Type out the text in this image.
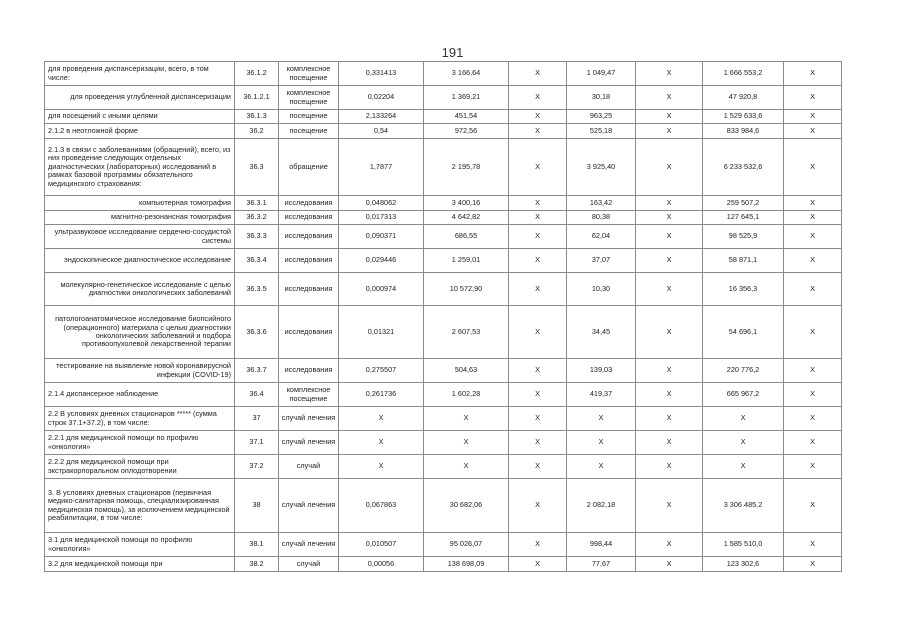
191
для проведения диспансеризации, всего, в том числе:	36.1.2	комплексное посещение	0,331413	3 166,64	X	1 049,47	X	1 666 553,2	X
для проведения углубленной диспансеризации	36.1.2.1	комплексное посещение	0,02204	1 369,21	X	30,18	X	47 920,8	X
для посещений с иными целями	36.1.3	посещение	2,133264	451,54	X	963,25	X	1 529 633,6	X
2.1.2 в неотложной форме	36.2	посещение	0,54	972,56	X	525,18	X	833 984,6	X
2.1.3 в связи с заболеваниями (обращений), всего, из них проведение следующих отдельных диагностических (лабораторных) исследований в рамках базовой программы обязательного медицинского страхования:	36.3	обращение	1,7877	2 195,78	X	3 925,40	X	6 233 532,6	X
компьютерная томография	36.3.1	исследования	0,048062	3 400,16	X	163,42	X	259 507,2	X
магнитно-резонансная томография	36.3.2	исследования	0,017313	4 642,82	X	80,38	X	127 645,1	X
ультразвуковое исследование сердечно-сосудистой системы	36.3.3	исследования	0,090371	686,55	X	62,04	X	98 525,9	X
эндоскопическое диагностическое исследование	36.3.4	исследования	0,029446	1 259,01	X	37,07	X	58 871,1	X
молекулярно-генетическое исследование с целью диагностики онкологических заболеваний	36.3.5	исследования	0,000974	10 572,90	X	10,30	X	16 356,3	X
патологоанатомическое исследование биопсийного (операционного) материала с целью диагностики онкологических заболеваний и подбора противоопухолевой лекарственной терапии	36.3.6	исследования	0,01321	2 607,53	X	34,45	X	54 696,1	X
тестирование на выявление новой коронавирусной инфекции (COVID-19)	36.3.7	исследования	0,275507	504,63	X	139,03	X	220 776,2	X
2.1.4 диспансерное наблюдение	36.4	комплексное посещение	0,261736	1 602,28	X	419,37	X	665 967,2	X
2.2 В условиях дневных стационаров ***** (сумма строк 37.1+37.2), в том числе:	37	случай лечения	X	X	X	X	X	X	X
2.2.1 для медицинской помощи по профилю «онкология»	37.1	случай лечения	X	X	X	X	X	X	X
2.2.2 для медицинской помощи при экстракорпоральном оплодотворении	37.2	случай	X	X	X	X	X	X	X
3. В условиях дневных стационаров (первичная медико-санитарная помощь, специализированная медицинская помощь), за исключением медицинской реабилитации, в том числе:	38	случай лечения	0,067863	30 682,06	X	2 082,18	X	3 306 485,2	X
3.1 для медицинской помощи по профилю «онкология»	38.1	случай лечения	0,010507	95 026,07	X	998,44	X	1 585 510,0	X
3.2 для медицинской помощи при	38.2	случай	0,00056	138 698,09	X	77,67	X	123 302,6	X
